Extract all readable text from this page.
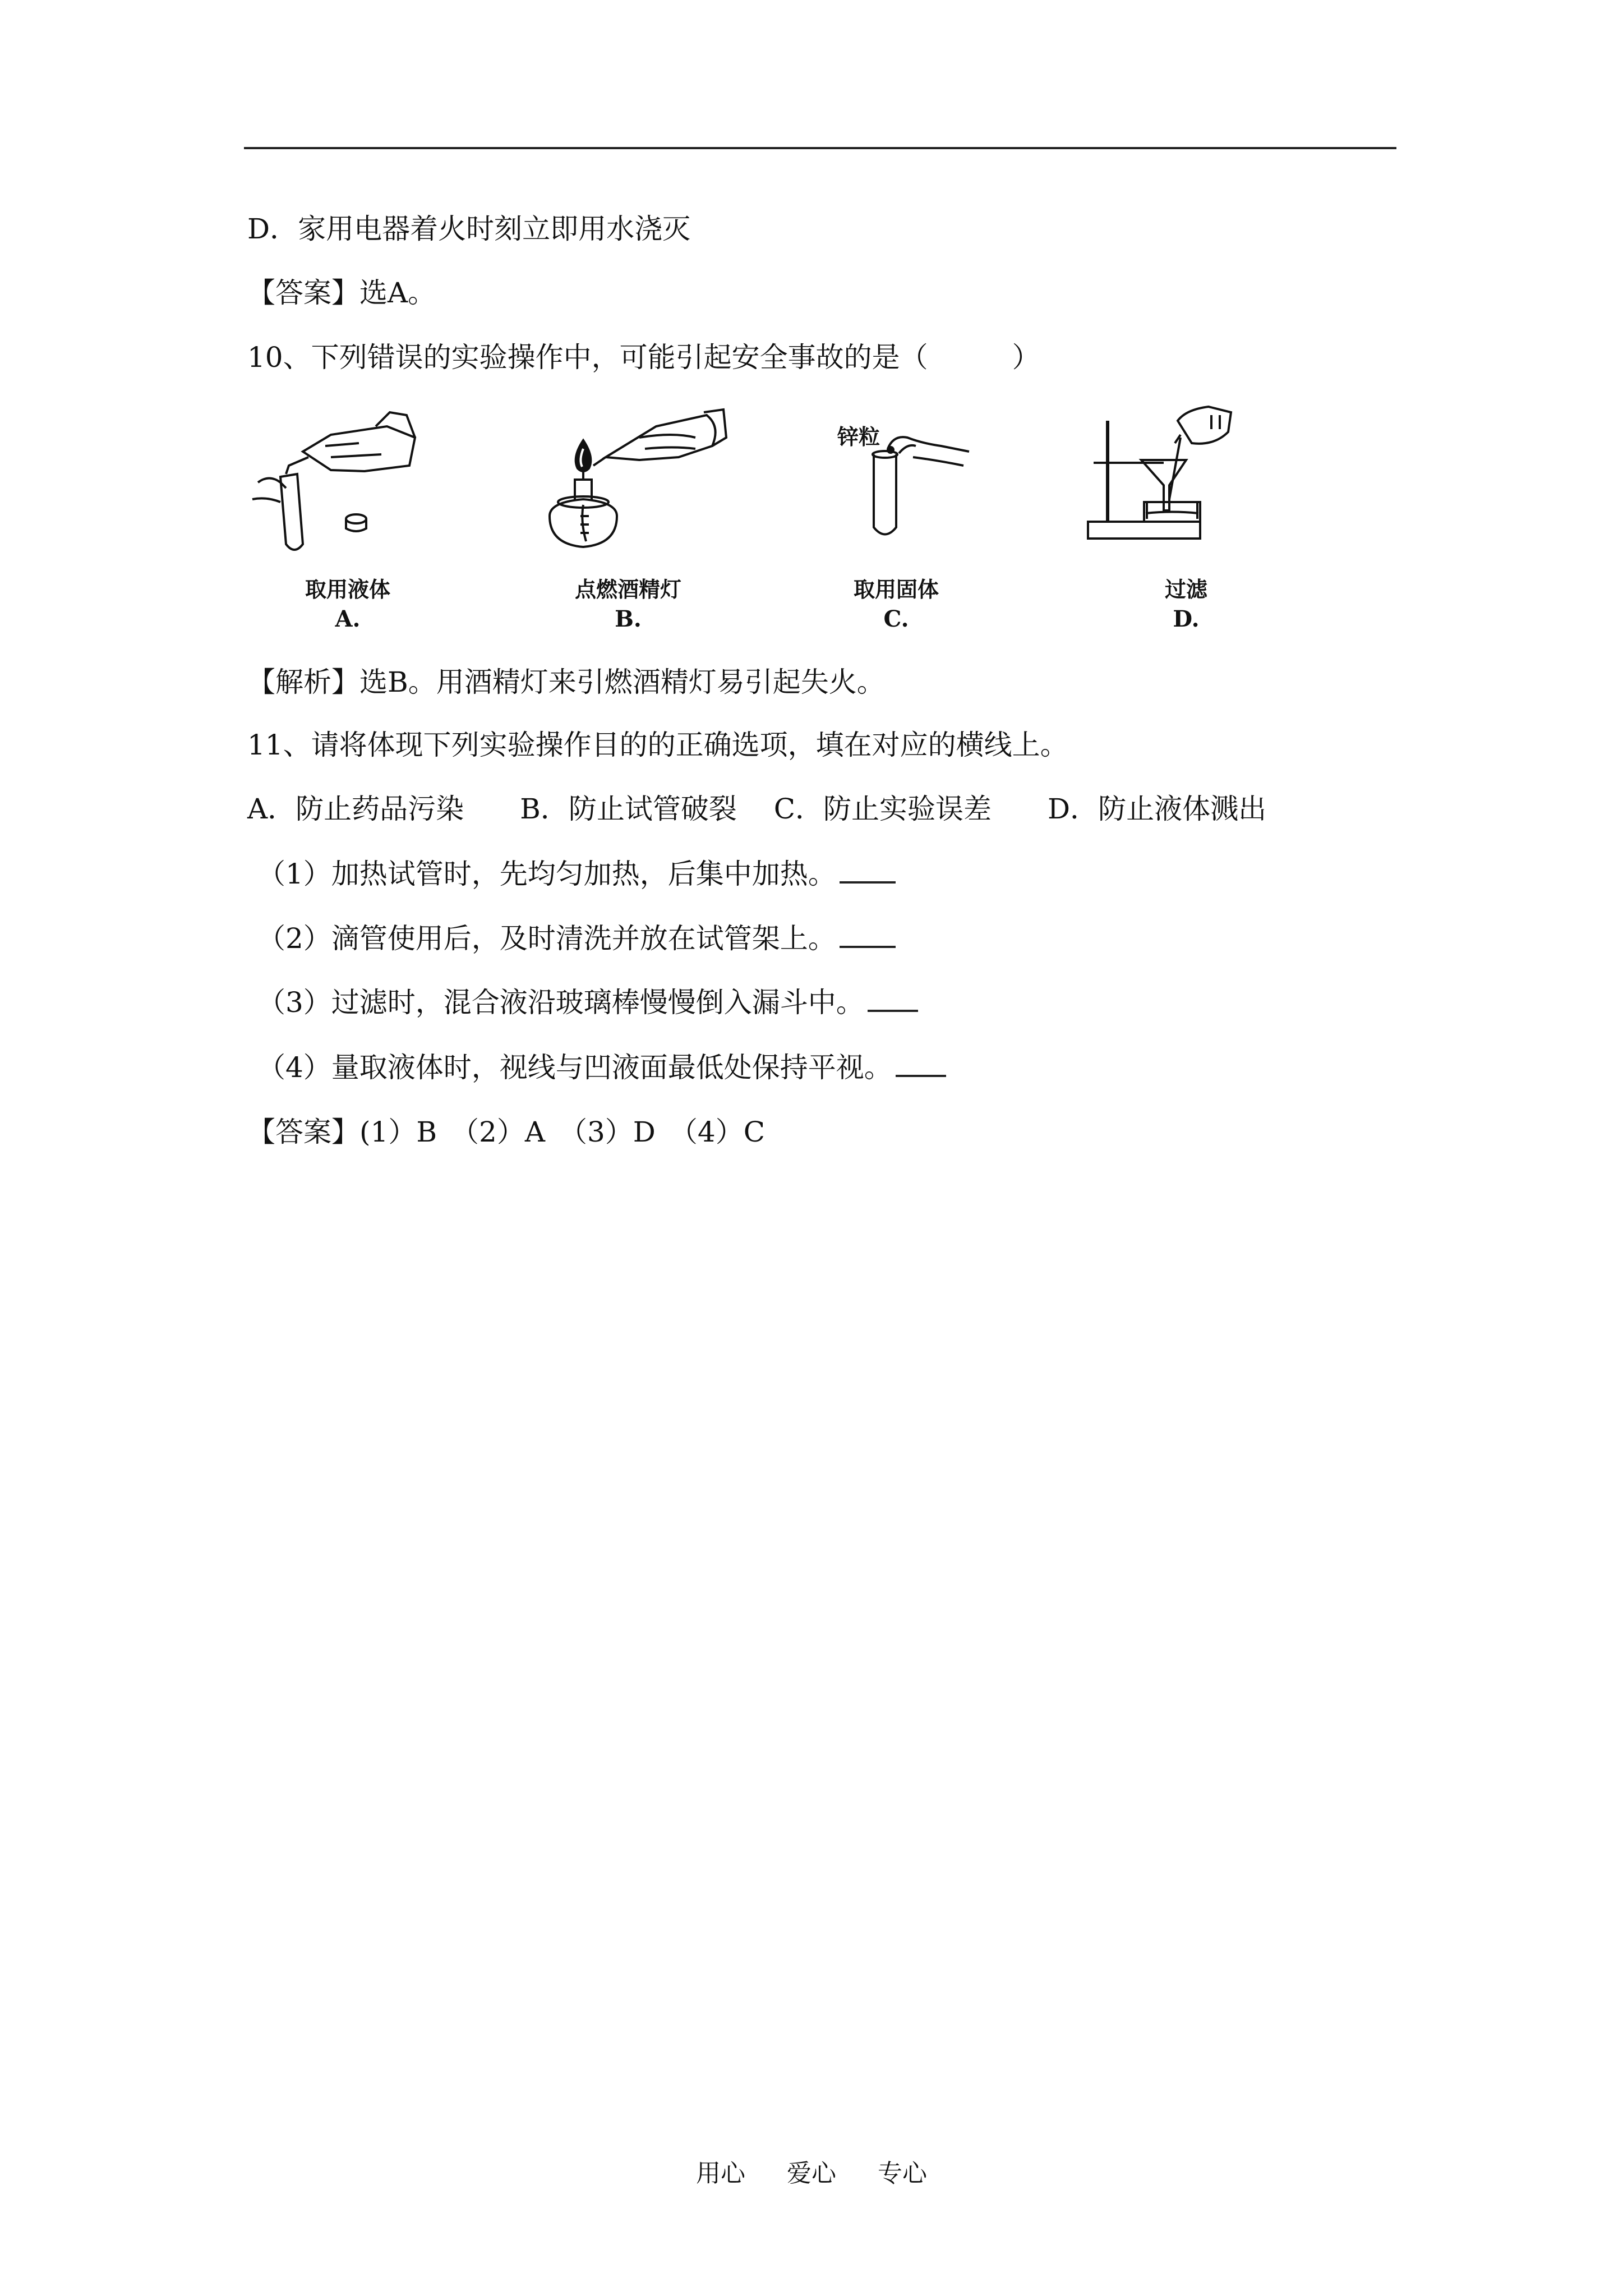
D．家用电器着火时刻立即用水浇灭
【答案】选A。
10、下列错误的实验操作中，可能引起安全事故的是（　　　）
取用液体
A.
点燃酒精灯
B.
锌粒
取用固体
C.
过滤
D.
【解析】选B。用酒精灯来引燃酒精灯易引起失火。
11、请将体现下列实验操作目的的正确选项，填在对应的横线上。
A．防止药品污染　　B．防止试管破裂　 C．防止实验误差　　D．防止液体溅出
（1）加热试管时，先均匀加热，后集中加热。
（2）滴管使用后，及时清洗并放在试管架上。
（3）过滤时，混合液沿玻璃棒慢慢倒入漏斗中。
（4）量取液体时，视线与凹液面最低处保持平视。
【答案】(1）B　（2）A　（3）D　（4）C
用心 爱心 专心
